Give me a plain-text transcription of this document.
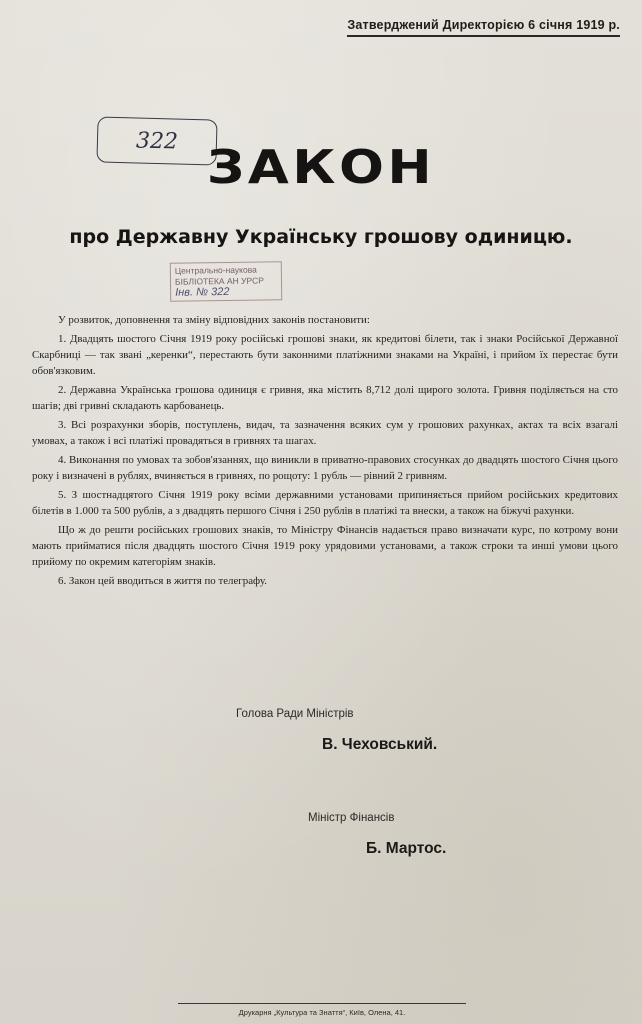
Затверджений Директорією 6 січня 1919 р.
322 ЗАКОН
про Державну Українську грошову одиницю.
Центрально-наукова
БІБЛІОТЕКА АН УРСР
Інв. № 322

У розвиток, доповнення та зміну відповідних законів постановити:

1. Двадцять шостого Січня 1919 року російські грошові знаки, як кредитові білети, так і знаки Російської Державної Скарбниці — так звані „керенки“, перестають бути законними платіжними знаками на Україні, і прийом їх перестає бути обов'язковим.

2. Державна Українська грошова одиниця є гривня, яка містить 8,712 долі щирого золота. Гривня поділяється на сто шагів; дві гривні складають карбованець.

3. Всі розрахунки зборів, поступлень, видач, та зазначення всяких сум у грошових рахунках, актах та всіх взагалі умовах, а також і всі платіжі провадяться в гривнях та шагах.

4. Виконання по умовах та зобов'язаннях, що виникли в приватно-правових стосунках до двадцять шостого Січня цього року і визначені в рублях, вчиняється в гривнях, по рощоту: 1 рубль — рівний 2 гривням.

5. З шостнадцятого Січня 1919 року всіми державними установами припиняється прийом російських кредитових білетів в 1.000 та 500 рублів, а з двадцять першого Січня і 250 рублів в платіжі та внески, а також на біжучі рахунки.

Що ж до решти російських грошових знаків, то Міністру Фінансів надається право визначати курс, по котрому вони мають прийматися після двадцять шостого Січня 1919 року урядовими установами, а також строки та инші умови цього прийому по окремим категоріям знаків.

6. Закон цей вводиться в життя по телеграфу.

Голова Ради Міністрів
В. Чеховський.
Міністр Фінансів
Б. Мартос.
Друкарня „Культура та Знаття“, Київ, Олена, 41.
